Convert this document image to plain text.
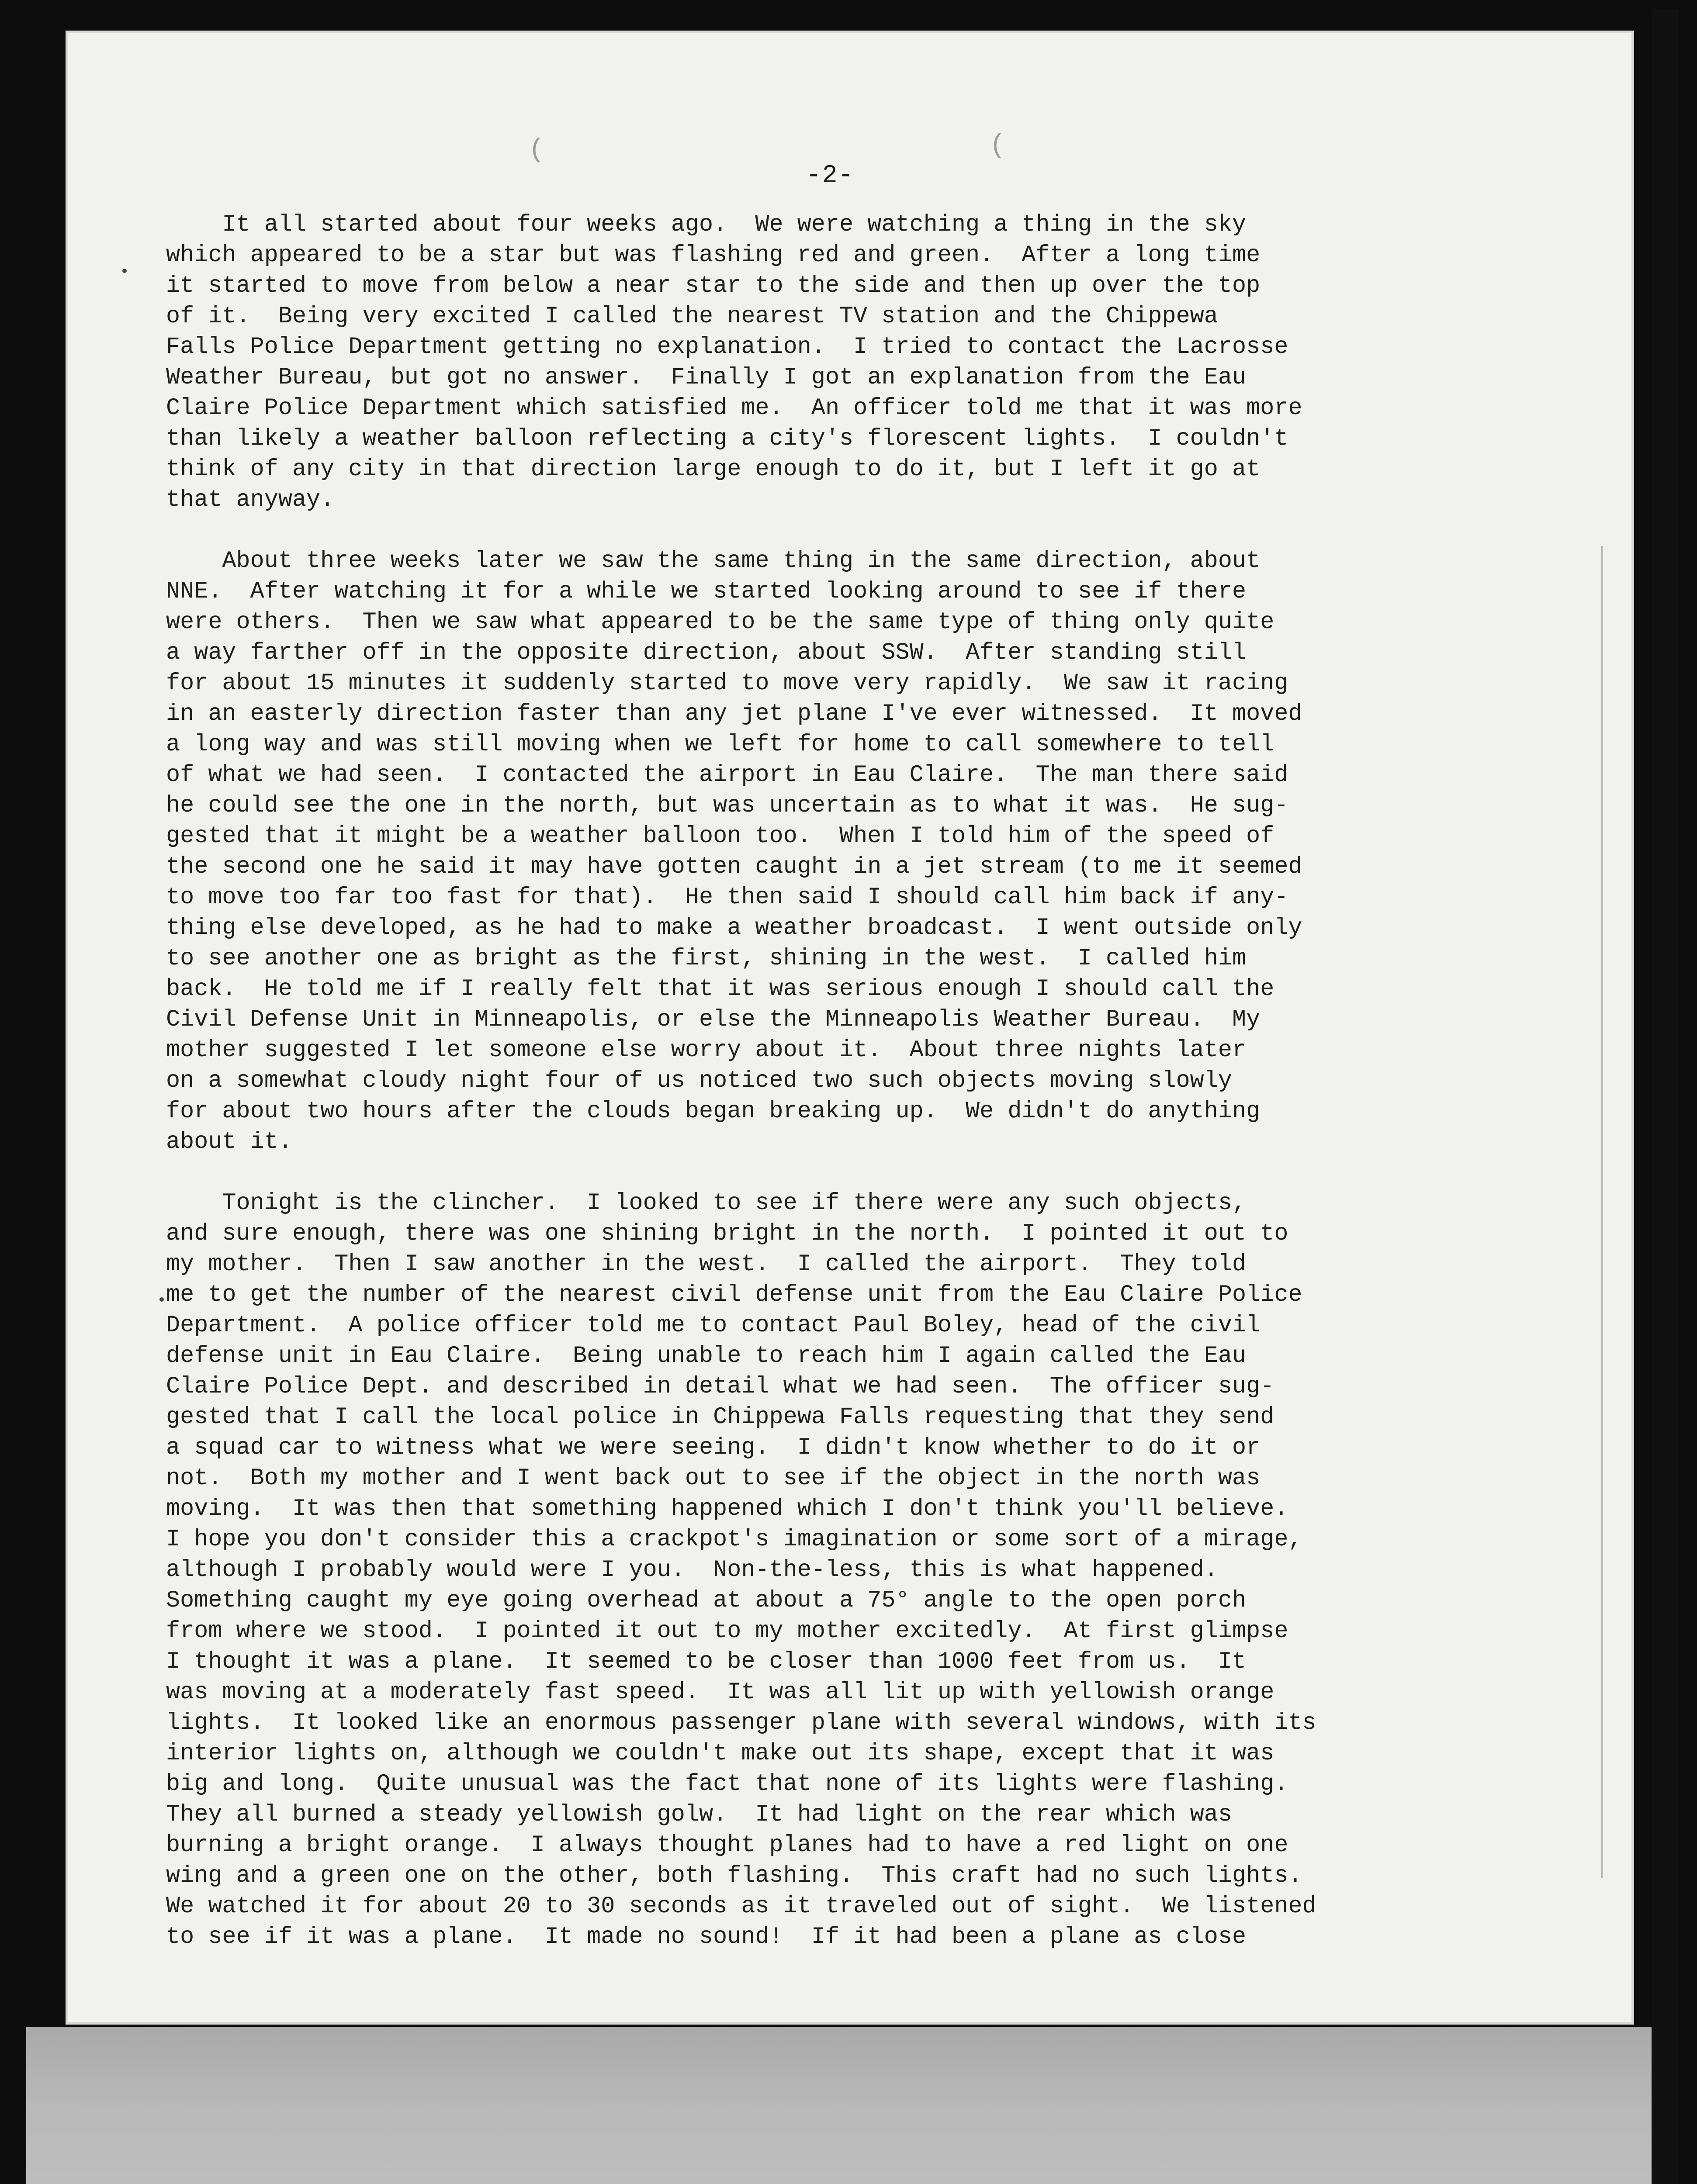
(	(
-2-
It all started about four weeks ago.  We were watching a thing in the sky
which appeared to be a star but was flashing red and green.  After a long time
it started to move from below a near star to the side and then up over the top
of it.  Being very excited I called the nearest TV station and the Chippewa
Falls Police Department getting no explanation.  I tried to contact the Lacrosse
Weather Bureau, but got no answer.  Finally I got an explanation from the Eau
Claire Police Department which satisfied me.  An officer told me that it was more
than likely a weather balloon reflecting a city's florescent lights.  I couldn't
think of any city in that direction large enough to do it, but I left it go at
that anyway.
About three weeks later we saw the same thing in the same direction, about
NNE.  After watching it for a while we started looking around to see if there
were others.  Then we saw what appeared to be the same type of thing only quite
a way farther off in the opposite direction, about SSW.  After standing still
for about 15 minutes it suddenly started to move very rapidly.  We saw it racing
in an easterly direction faster than any jet plane I've ever witnessed.  It moved
a long way and was still moving when we left for home to call somewhere to tell
of what we had seen.  I contacted the airport in Eau Claire.  The man there said
he could see the one in the north, but was uncertain as to what it was.  He sug-
gested that it might be a weather balloon too.  When I told him of the speed of
the second one he said it may have gotten caught in a jet stream (to me it seemed
to move too far too fast for that).  He then said I should call him back if any-
thing else developed, as he had to make a weather broadcast.  I went outside only
to see another one as bright as the first, shining in the west.  I called him
back.  He told me if I really felt that it was serious enough I should call the
Civil Defense Unit in Minneapolis, or else the Minneapolis Weather Bureau.  My
mother suggested I let someone else worry about it.  About three nights later
on a somewhat cloudy night four of us noticed two such objects moving slowly
for about two hours after the clouds began breaking up.  We didn't do anything
about it.
Tonight is the clincher.  I looked to see if there were any such objects,
and sure enough, there was one shining bright in the north.  I pointed it out to
my mother.  Then I saw another in the west.  I called the airport.  They told
me to get the number of the nearest civil defense unit from the Eau Claire Police
Department.  A police officer told me to contact Paul Boley, head of the civil
defense unit in Eau Claire.  Being unable to reach him I again called the Eau
Claire Police Dept. and described in detail what we had seen.  The officer sug-
gested that I call the local police in Chippewa Falls requesting that they send
a squad car to witness what we were seeing.  I didn't know whether to do it or
not.  Both my mother and I went back out to see if the object in the north was
moving.  It was then that something happened which I don't think you'll believe.
I hope you don't consider this a crackpot's imagination or some sort of a mirage,
although I probably would were I you.  Non-the-less, this is what happened.
Something caught my eye going overhead at about a 75° angle to the open porch
from where we stood.  I pointed it out to my mother excitedly.  At first glimpse
I thought it was a plane.  It seemed to be closer than 1000 feet from us.  It
was moving at a moderately fast speed.  It was all lit up with yellowish orange
lights.  It looked like an enormous passenger plane with several windows, with its
interior lights on, although we couldn't make out its shape, except that it was
big and long.  Quite unusual was the fact that none of its lights were flashing.
They all burned a steady yellowish golw.  It had light on the rear which was
burning a bright orange.  I always thought planes had to have a red light on one
wing and a green one on the other, both flashing.  This craft had no such lights.
We watched it for about 20 to 30 seconds as it traveled out of sight.  We listened
to see if it was a plane.  It made no sound!  If it had been a plane as close
